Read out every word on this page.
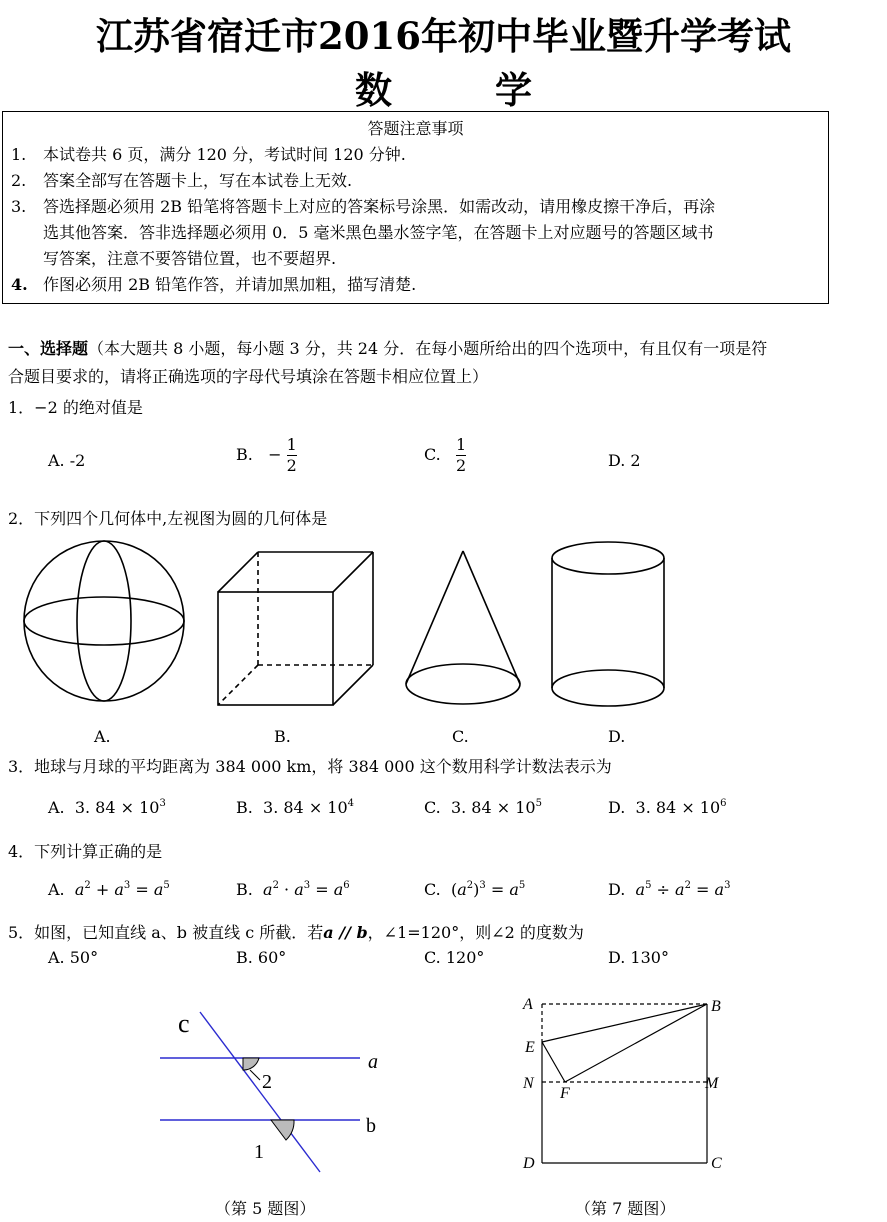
江苏省宿迁市2016年初中毕业暨升学考试
数        学
答题注意事项
1. 本试卷共 6 页，满分 120 分，考试时间 120 分钟.
2. 答案全部写在答题卡上，写在本试卷上无效.
3. 答选择题必须用 2B 铅笔将答题卡上对应的答案标号涂黑．如需改动，请用橡皮擦干净后，再涂
选其他答案．答非选择题必须用 0．5 毫米黑色墨水签字笔，在答题卡上对应题号的答题区域书
写答案，注意不要答错位置，也不要超界.
4. 作图必须用 2B 铅笔作答，并请加黑加粗，描写清楚.
一、选择题（本大题共 8 小题，每小题 3 分，共 24 分．在每小题所给出的四个选项中，有且仅有一项是符
合题目要求的，请将正确选项的字母代号填涂在答题卡相应位置上）
1．−2 的绝对值是
A. -2	B. − $\frac{1}{2}$	C. $\frac{1}{2}$	D. 2
2．下列四个几何体中,左视图为圆的几何体是
A.	B.	C.	D.
3．地球与月球的平均距离为 384 000 km，将 384 000 这个数用科学计数法表示为
A. 3. $84 \times 10^3$	B. 3. $84 \times 10^4$	C. 3. $84 \times 10^5$	D. 3. $84 \times 10^6$
4．下列计算正确的是
A. $a^2 + a^3 = a^5$	B. $a^2 \cdot a^3 = a^6$	C.  $(a^2)^3 = a^5$	D. $a^5 \div a^2 = a^3$
5．如图，已知直线 a、b 被直线 c 所截．若a // b，∠1=120°，则∠2 的度数为
A. 50°	B. 60°	C. 120°	D. 130°
c
a
b
2
1
（第 5 题图）
A	B
E
N	M
F
D	C
（第 7 题图）
